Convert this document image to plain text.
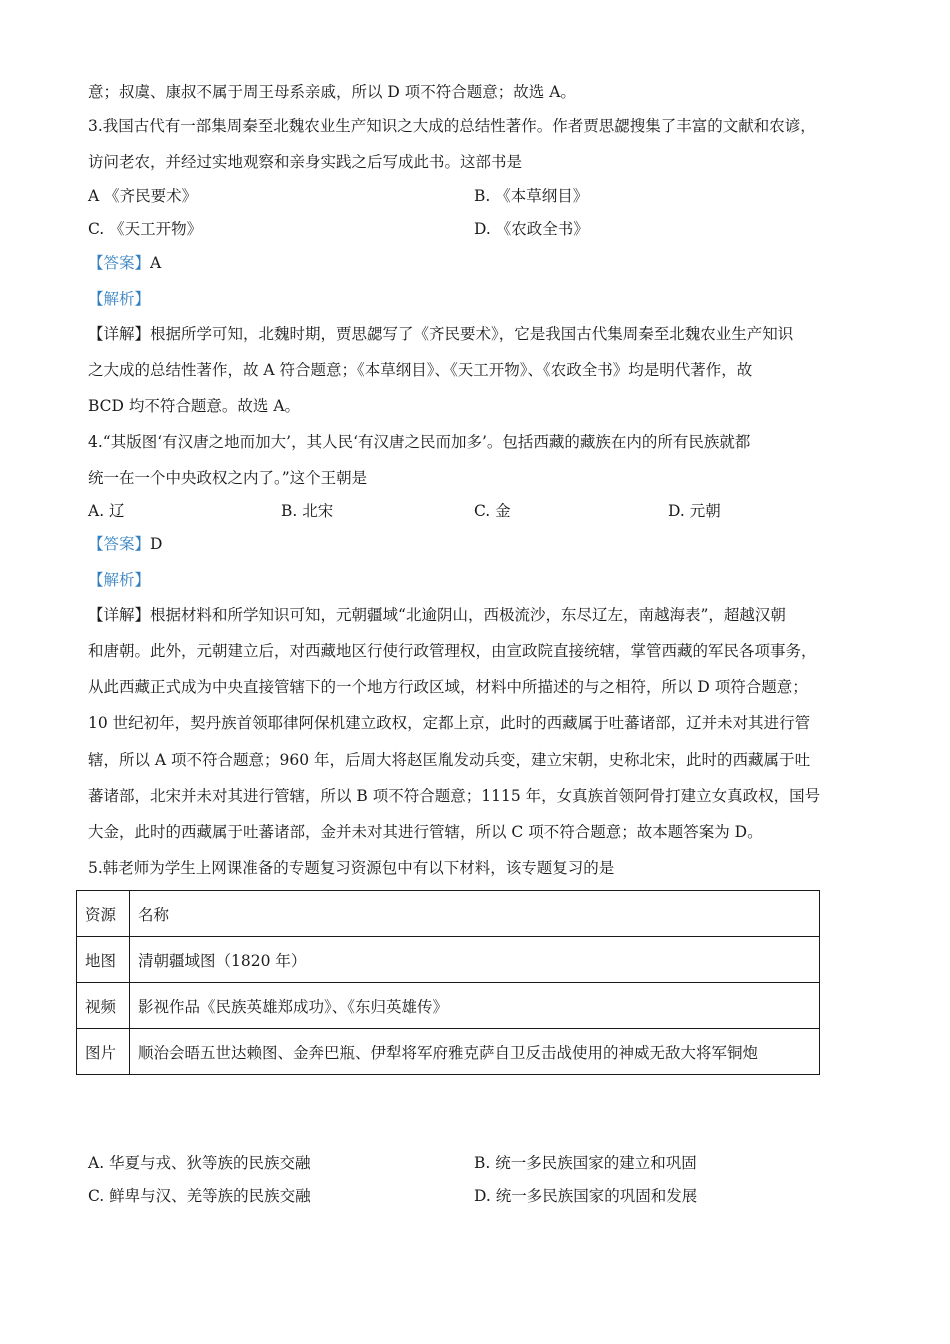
意；叔虞、康叔不属于周王母系亲戚，所以 D 项不符合题意；故选 A。
3.我国古代有一部集周秦至北魏农业生产知识之大成的总结性著作。作者贾思勰搜集了丰富的文献和农谚，
访问老农，并经过实地观察和亲身实践之后写成此书。这部书是
A 《齐民要术》	B. 《本草纲目》
C. 《天工开物》	D. 《农政全书》
【答案】A
【解析】
【详解】根据所学可知，北魏时期，贾思勰写了《齐民要术》，它是我国古代集周秦至北魏农业生产知识
之大成的总结性著作，故 A 符合题意；《本草纲目》、《天工开物》、《农政全书》均是明代著作，故
BCD 均不符合题意。故选 A。
4.“其版图‘有汉唐之地而加大’，其人民‘有汉唐之民而加多’。包括西藏的藏族在内的所有民族就都
统一在一个中央政权之内了。”这个王朝是
A. 辽	B. 北宋	C. 金	D. 元朝
【答案】D
【解析】
【详解】根据材料和所学知识可知，元朝疆域“北逾阴山，西极流沙，东尽辽左，南越海表”，超越汉朝
和唐朝。此外，元朝建立后，对西藏地区行使行政管理权，由宣政院直接统辖，掌管西藏的军民各项事务，
从此西藏正式成为中央直接管辖下的一个地方行政区域，材料中所描述的与之相符，所以 D 项符合题意；
10 世纪初年，契丹族首领耶律阿保机建立政权，定都上京，此时的西藏属于吐蕃诸部，辽并未对其进行管
辖，所以 A 项不符合题意；960 年，后周大将赵匡胤发动兵变，建立宋朝，史称北宋，此时的西藏属于吐
蕃诸部，北宋并未对其进行管辖，所以 B 项不符合题意；1115 年，女真族首领阿骨打建立女真政权，国号
大金，此时的西藏属于吐蕃诸部，金并未对其进行管辖，所以 C 项不符合题意；故本题答案为 D。
5.韩老师为学生上网课准备的专题复习资源包中有以下材料，该专题复习的是
资源	名称
地图	清朝疆域图（1820 年）
视频	影视作品《民族英雄郑成功》、《东归英雄传》
图片	顺治会晤五世达赖图、金奔巴瓶、伊犁将军府雅克萨自卫反击战使用的神威无敌大将军铜炮
A. 华夏与戎、狄等族的民族交融	B. 统一多民族国家的建立和巩固
C. 鲜卑与汉、羌等族的民族交融	D. 统一多民族国家的巩固和发展
